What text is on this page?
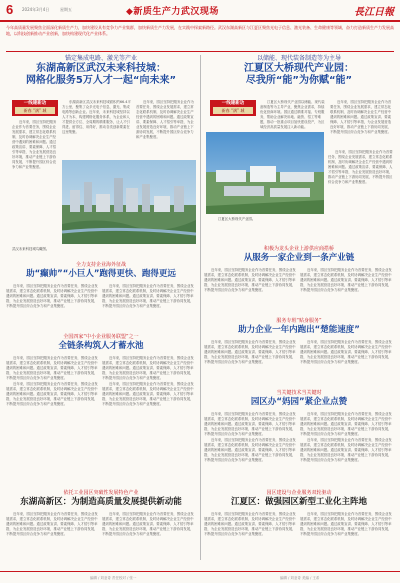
6 2024年3月4日	星期五	◆新质生产力武汉现场	長江日報
今年高质量发展聚焦全面深化新质生产力，加快建设具有竞争力产业集群，加快新质生产力发展，在实践中探索新路径。武汉东湖高新区与江夏区聚焦光电子信息、激光装备、生命健康等领域，奋力打造新质生产力发展高地，以科技创新推动产业创新，加快构建现代化产业体系。
锚定集成电路、激光等产业
东湖高新区武汉未来科技城：
网格化服务5万人才一起“向未来”
以储能、现代装备制造等为主导
江夏区大桥现代产业园：
尽我所“能”为你赋“能”
一线建新功
新春 “满” 城

东湖高新区武汉未来科技城面积约66.4平方公里，聚集了众多光电子信息、激光、集成电路等创新企业。近年来，未来科技城坚持以人才为本，构建网格化服务体系，为企业和人才提供全方位、全周期的精准服务，让人才引得进、留得住、用得好，推动各类创新要素在这里集聚。

近年来，园区坚持把服务企业作为首要任务，围绕企业发展需求，建立常态化联系机制，及时协调解决企业生产经营中遇到的困难和问题。通过政策宣讲、要素保障、人才招引等举措，为企业发展营造良好环境，推动产业链上下游协同发展，不断提升园区综合竞争力和产业集聚度。

近年来，园区坚持把服务企业作为首要任务，围绕企业发展需求，建立常态化联系机制，及时协调解决企业生产经营中遇到的困难和问题。通过政策宣讲、要素保障、人才招引等举措，为企业发展营造良好环境，推动产业链上下游协同发展，不断提升园区综合竞争力和产业集聚度。

武汉未来科技城鸟瞰图。
一线建新功
新春 “满” 城

江夏区大桥现代产业园以储能、现代装备制造等为主导产业，聚焦企业需求，持续优化营商环境。园区通过精准对接、专班服务，帮助企业解决用地、融资、招工等难题，推动一批重点项目加快建设投产，为区域经济高质量发展注入新动能。

近年来，园区坚持把服务企业作为首要任务，围绕企业发展需求，建立常态化联系机制，及时协调解决企业生产经营中遇到的困难和问题。通过政策宣讲、要素保障、人才招引等举措，为企业发展营造良好环境，推动产业链上下游协同发展，不断提升园区综合竞争力和产业集聚度。

江夏区大桥现代产业园。

近年来，园区坚持把服务企业作为首要任务，围绕企业发展需求，建立常态化联系机制，及时协调解决企业生产经营中遇到的困难和问题。通过政策宣讲、要素保障、人才招引等举措，为企业发展营造良好环境，推动产业链上下游协同发展，不断提升园区综合竞争力和产业集聚度。

全力支持企业海外征战
助“癫帅”“小巨人”跑得更快、跑得更远

近年来，园区坚持把服务企业作为首要任务，围绕企业发展需求，建立常态化联系机制，及时协调解决企业生产经营中遇到的困难和问题。通过政策宣讲、要素保障、人才招引等举措，为企业发展营造良好环境，推动产业链上下游协同发展，不断提升园区综合竞争力和产业集聚度。

近年来，园区坚持把服务企业作为首要任务，围绕企业发展需求，建立常态化联系机制，及时协调解决企业生产经营中遇到的困难和问题。通过政策宣讲、要素保障、人才招引等举措，为企业发展营造良好环境，推动产业链上下游协同发展，不断提升园区综合竞争力和产业集聚度。

全国四家“中小企业服务联盟”之一
全链条构筑人才蓄水池

近年来，园区坚持把服务企业作为首要任务，围绕企业发展需求，建立常态化联系机制，及时协调解决企业生产经营中遇到的困难和问题。通过政策宣讲、要素保障、人才招引等举措，为企业发展营造良好环境，推动产业链上下游协同发展，不断提升园区综合竞争力和产业集聚度。

近年来，园区坚持把服务企业作为首要任务，围绕企业发展需求，建立常态化联系机制，及时协调解决企业生产经营中遇到的困难和问题。通过政策宣讲、要素保障、人才招引等举措，为企业发展营造良好环境，推动产业链上下游协同发展，不断提升园区综合竞争力和产业集聚度。

近年来，园区坚持把服务企业作为首要任务，围绕企业发展需求，建立常态化联系机制，及时协调解决企业生产经营中遇到的困难和问题。通过政策宣讲、要素保障、人才招引等举措，为企业发展营造良好环境，推动产业链上下游协同发展，不断提升园区综合竞争力和产业集聚度。

近年来，园区坚持把服务企业作为首要任务，围绕企业发展需求，建立常态化联系机制，及时协调解决企业生产经营中遇到的困难和问题。通过政策宣讲、要素保障、人才招引等举措，为企业发展营造良好环境，推动产业链上下游协同发展，不断提升园区综合竞争力和产业集聚度。

依托工业园区突破性发展特色产业
东湖高新区：为制造高质量发展提供新动能

近年来，园区坚持把服务企业作为首要任务，围绕企业发展需求，建立常态化联系机制，及时协调解决企业生产经营中遇到的困难和问题。通过政策宣讲、要素保障、人才招引等举措，为企业发展营造良好环境，推动产业链上下游协同发展，不断提升园区综合竞争力和产业集聚度。

近年来，园区坚持把服务企业作为首要任务，围绕企业发展需求，建立常态化联系机制，及时协调解决企业生产经营中遇到的困难和问题。通过政策宣讲、要素保障、人才招引等举措，为企业发展营造良好环境，推动产业链上下游协同发展，不断提升园区综合竞争力和产业集聚度。

积极为龙头企业上游供应商搭桥
从服务一家企业到一条产业链

近年来，园区坚持把服务企业作为首要任务，围绕企业发展需求，建立常态化联系机制，及时协调解决企业生产经营中遇到的困难和问题。通过政策宣讲、要素保障、人才招引等举措，为企业发展营造良好环境，推动产业链上下游协同发展，不断提升园区综合竞争力和产业集聚度。

近年来，园区坚持把服务企业作为首要任务，围绕企业发展需求，建立常态化联系机制，及时协调解决企业生产经营中遇到的困难和问题。通过政策宣讲、要素保障、人才招引等举措，为企业发展营造良好环境，推动产业链上下游协同发展，不断提升园区综合竞争力和产业集聚度。

服务专班“贴身服务”
助力企业一年内跑出“楚能速度”

近年来，园区坚持把服务企业作为首要任务，围绕企业发展需求，建立常态化联系机制，及时协调解决企业生产经营中遇到的困难和问题。通过政策宣讲、要素保障、人才招引等举措，为企业发展营造良好环境，推动产业链上下游协同发展，不断提升园区综合竞争力和产业集聚度。

近年来，园区坚持把服务企业作为首要任务，围绕企业发展需求，建立常态化联系机制，及时协调解决企业生产经营中遇到的困难和问题。通过政策宣讲、要素保障、人才招引等举措，为企业发展营造良好环境，推动产业链上下游协同发展，不断提升园区综合竞争力和产业集聚度。

当关键技术当关键时
园区办“妈园”紧企业点赞

近年来，园区坚持把服务企业作为首要任务，围绕企业发展需求，建立常态化联系机制，及时协调解决企业生产经营中遇到的困难和问题。通过政策宣讲、要素保障、人才招引等举措，为企业发展营造良好环境，推动产业链上下游协同发展，不断提升园区综合竞争力和产业集聚度。

近年来，园区坚持把服务企业作为首要任务，围绕企业发展需求，建立常态化联系机制，及时协调解决企业生产经营中遇到的困难和问题。通过政策宣讲、要素保障、人才招引等举措，为企业发展营造良好环境，推动产业链上下游协同发展，不断提升园区综合竞争力和产业集聚度。

近年来，园区坚持把服务企业作为首要任务，围绕企业发展需求，建立常态化联系机制，及时协调解决企业生产经营中遇到的困难和问题。通过政策宣讲、要素保障、人才招引等举措，为企业发展营造良好环境，推动产业链上下游协同发展，不断提升园区综合竞争力和产业集聚度。

近年来，园区坚持把服务企业作为首要任务，围绕企业发展需求，建立常态化联系机制，及时协调解决企业生产经营中遇到的困难和问题。通过政策宣讲、要素保障、人才招引等举措，为企业发展营造良好环境，推动产业链上下游协同发展，不断提升园区综合竞争力和产业集聚度。

园区建设与企业服务双轮驱动
江夏区：做强园区新型工业化主阵地

近年来，园区坚持把服务企业作为首要任务，围绕企业发展需求，建立常态化联系机制，及时协调解决企业生产经营中遇到的困难和问题。通过政策宣讲、要素保障、人才招引等举措，为企业发展营造良好环境，推动产业链上下游协同发展，不断提升园区综合竞争力和产业集聚度。

近年来，园区坚持把服务企业作为首要任务，围绕企业发展需求，建立常态化联系机制，及时协调解决企业生产经营中遇到的困难和问题。通过政策宣讲、要素保障、人才招引等举措，为企业发展营造良好环境，推动产业链上下游协同发展，不断提升园区综合竞争力和产业集聚度。

编辑 / 刘亚奇 责任校对 / 张一	编辑 / 刘亚奇 美编 / 王希
